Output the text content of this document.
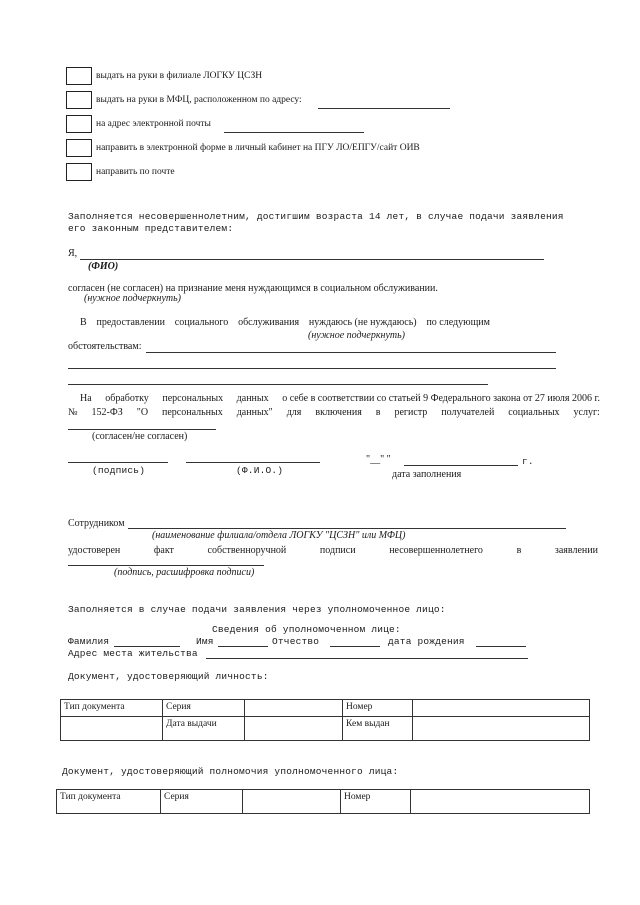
выдать на руки в филиале ЛОГКУ ЦСЗН
выдать на руки в МФЦ, расположенном по адресу:
на адрес электронной почты
направить в электронной форме в личный кабинет на ПГУ ЛО/ЕПГУ/сайт ОИВ
направить по почте
Заполняется несовершеннолетним, достигшим возраста 14 лет, в случае подачи заявления
его законным представителем:
Я,
(ФИО)
согласен (не согласен) на признание меня нуждающимся в социальном обслуживании.
(нужное подчеркнуть)
В предоставлении социального обслуживания нуждаюсь (не нуждаюсь) по следующим
(нужное подчеркнуть)
обстоятельствам:
На обработку персональных данных о себе в соответствии со статьей 9 Федерального закона от 27 июля 2006 г.
№ 152-ФЗ "О персональных данных" для включения в регистр получателей социальных услуг:
(согласен/не согласен)
(подпись)	(Ф.И.О.)
"__" "	г.
дата заполнения
Сотрудником
(наименование филиала/отдела ЛОГКУ "ЦСЗН" или МФЦ)
удостоверен	факт	собственноручной	подписи	несовершеннолетнего	в	заявлении
(подпись, расшифровка подписи)
Заполняется в случае подачи заявления через уполномоченное лицо:
Сведения об уполномоченном лице:
Фамилия	Имя	Отчество	дата рождения
Адрес места жительства
Документ, удостоверяющий личность:
Тип документа	Серия		Номер	
	Дата выдачи		Кем выдан	
Документ, удостоверяющий полномочия уполномоченного лица:
Тип документа	Серия		Номер	
